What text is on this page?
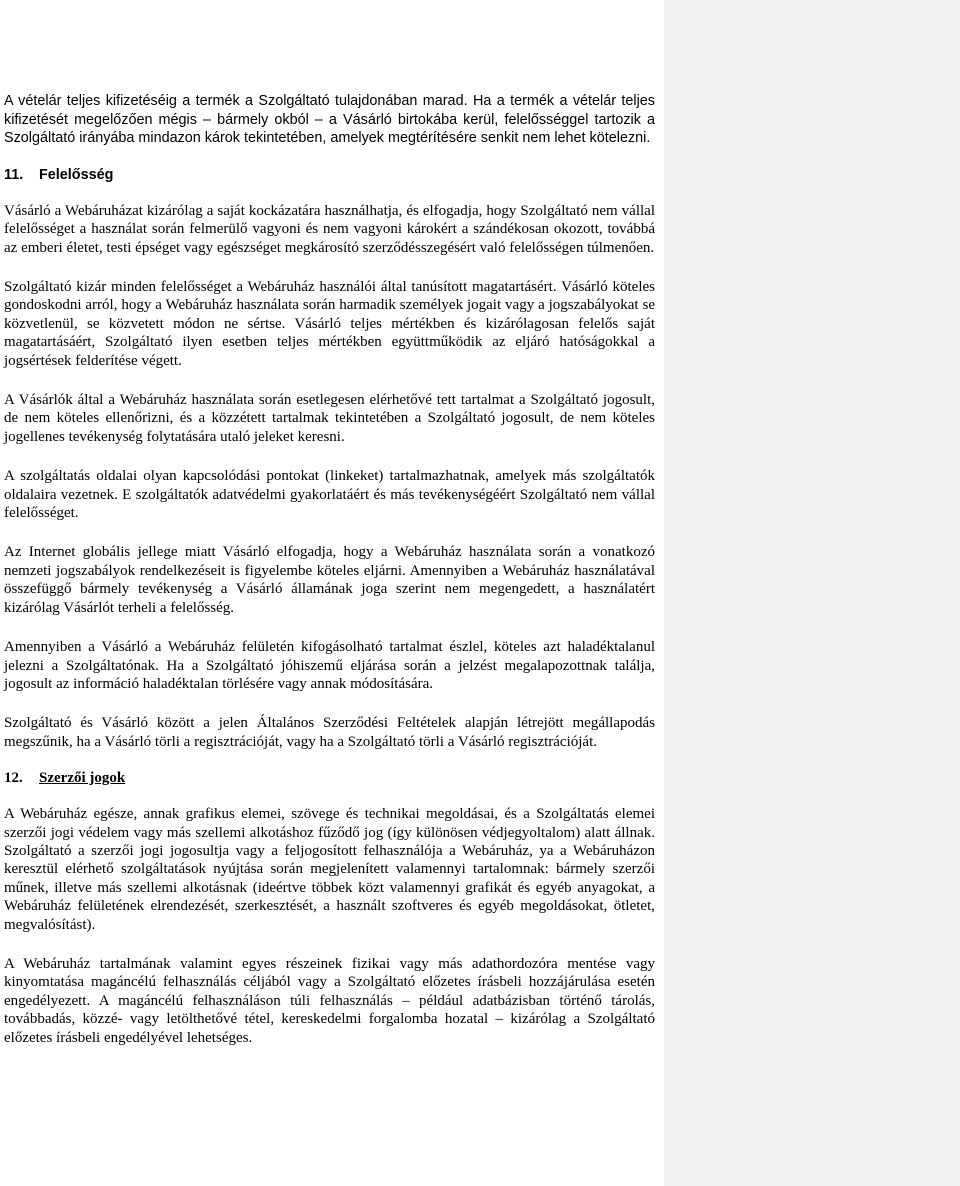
A vételár teljes kifizetéséig a termék a Szolgáltató tulajdonában marad. Ha a termék a vételár teljes kifizetését megelőzően mégis – bármely okból – a Vásárló birtokába kerül, felelősséggel tartozik a Szolgáltató irányába mindazon károk tekintetében, amelyek megtérítésére senkit nem lehet kötelezni.

11. Felelősség

Vásárló a Webáruházat kizárólag a saját kockázatára használhatja, és elfogadja, hogy Szolgáltató nem vállal felelősséget a használat során felmerülő vagyoni és nem vagyoni károkért a szándékosan okozott, továbbá az emberi életet, testi épséget vagy egészséget megkárosító szerződésszegésért való felelősségen túlmenően.

Szolgáltató kizár minden felelősséget a Webáruház használói által tanúsított magatartásért. Vásárló köteles gondoskodni arról, hogy a Webáruház használata során harmadik személyek jogait vagy a jogszabályokat se közvetlenül, se közvetett módon ne sértse. Vásárló teljes mértékben és kizárólagosan felelős saját magatartásáért, Szolgáltató ilyen esetben teljes mértékben együttműködik az eljáró hatóságokkal a jogsértések felderítése végett.

A Vásárlók által a Webáruház használata során esetlegesen elérhetővé tett tartalmat a Szolgáltató jogosult, de nem köteles ellenőrizni, és a közzétett tartalmak tekintetében a Szolgáltató jogosult, de nem köteles jogellenes tevékenység folytatására utaló jeleket keresni.

A szolgáltatás oldalai olyan kapcsolódási pontokat (linkeket) tartalmazhatnak, amelyek más szolgáltatók oldalaira vezetnek. E szolgáltatók adatvédelmi gyakorlatáért és más tevékenységéért Szolgáltató nem vállal felelősséget.

Az Internet globális jellege miatt Vásárló elfogadja, hogy a Webáruház használata során a vonatkozó nemzeti jogszabályok rendelkezéseit is figyelembe köteles eljárni. Amennyiben a Webáruház használatával összefüggő bármely tevékenység a Vásárló államának joga szerint nem megengedett, a használatért kizárólag Vásárlót terheli a felelősség.

Amennyiben a Vásárló a Webáruház felületén kifogásolható tartalmat észlel, köteles azt haladéktalanul jelezni a Szolgáltatónak. Ha a Szolgáltató jóhiszemű eljárása során a jelzést megalapozottnak találja, jogosult az információ haladéktalan törlésére vagy annak módosítására.

Szolgáltató és Vásárló között a jelen Általános Szerződési Feltételek alapján létrejött megállapodás megszűnik, ha a Vásárló törli a regisztrációját, vagy ha a Szolgáltató törli a Vásárló regisztrációját.

12. Szerzői jogok

A Webáruház egésze, annak grafikus elemei, szövege és technikai megoldásai, és a Szolgáltatás elemei szerzői jogi védelem vagy más szellemi alkotáshoz fűződő jog (így különösen védjegyoltalom) alatt állnak. Szolgáltató a szerzői jogi jogosultja vagy a feljogosított felhasználója a Webáruház, ya a Webáruházon keresztül elérhető szolgáltatások nyújtása során megjelenített valamennyi tartalomnak: bármely szerzői műnek, illetve más szellemi alkotásnak (ideértve többek közt valamennyi grafikát és egyéb anyagokat, a Webáruház felületének elrendezését, szerkesztését, a használt szoftveres és egyéb megoldásokat, ötletet, megvalósítást).

A Webáruház tartalmának valamint egyes részeinek fizikai vagy más adathordozóra mentése vagy kinyomtatása magáncélú felhasználás céljából vagy a Szolgáltató előzetes írásbeli hozzájárulása esetén engedélyezett. A magáncélú felhasználáson túli felhasználás – például adatbázisban történő tárolás, továbbadás, közzé- vagy letölthetővé tétel, kereskedelmi forgalomba hozatal – kizárólag a Szolgáltató előzetes írásbeli engedélyével lehetséges.
